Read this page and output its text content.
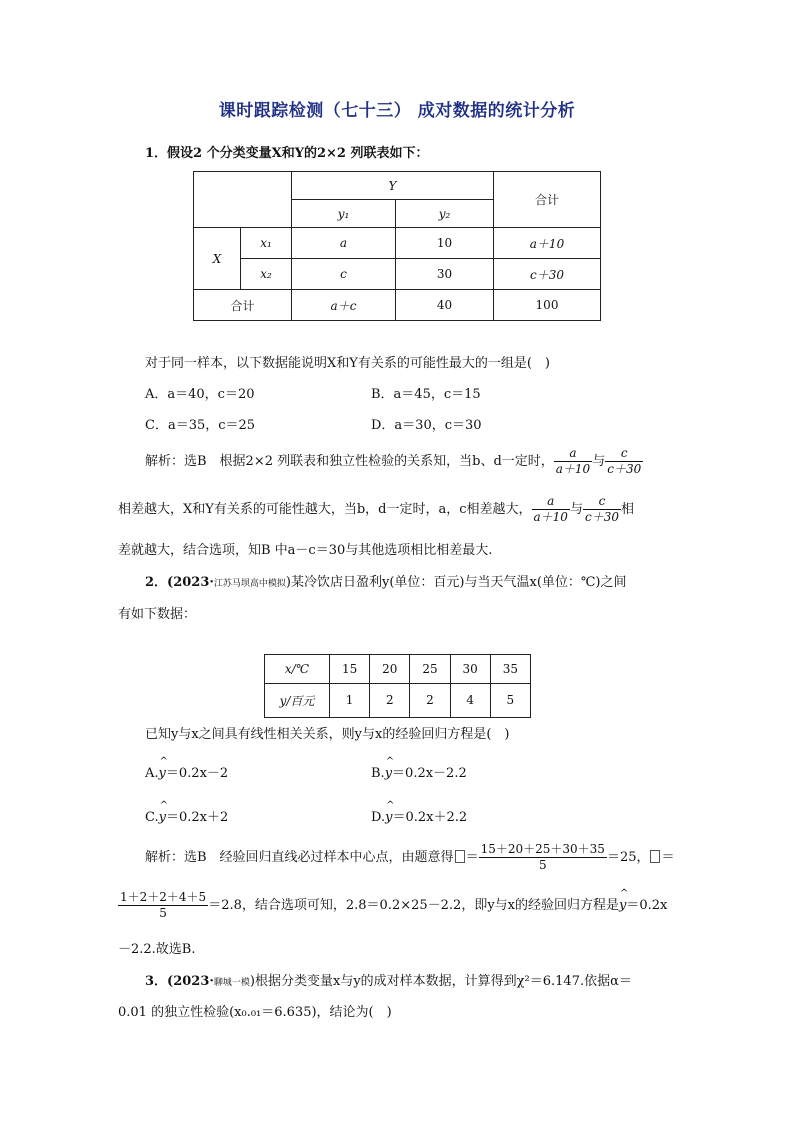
课时跟踪检测（七十三） 成对数据的统计分析
1．假设2 个分类变量X和Y的2×2 列联表如下：
		Y		合计
		y₁	y₂	
X	x₁	a	10	a＋10
	x₂	c	30	c＋30
合计		a＋c	40	100
对于同一样本，以下数据能说明X和Y有关系的可能性最大的一组是(　)
A．a＝40，c＝20	B．a＝45，c＝15
C．a＝35，c＝25	D．a＝30，c＝30
解析：选B　根据2×2 列联表和独立性检验的关系知，当b、d一定时， $\frac{a}{a+10}$ 与 $\frac{c}{c+30}$
相差越大，X和Y有关系的可能性越大，当b，d一定时，a，c相差越大， $\frac{a}{a+10}$ 与 $\frac{c}{c+30}$ 相
差就越大，结合选项，知B 中a－c＝30与其他选项相比相差最大.
2．(2023·江苏马坝高中模拟)某冷饮店日盈利y(单位：百元)与当天气温x(单位：℃)之间
有如下数据：
x/℃	15	20	25	30	35
y/百元	1	2	2	4	5
已知y与x之间具有线性相关关系，则y与x的经验回归方程是(　)
A.^ y＝0.2x－2	B.^ y＝0.2x－2.2
C.^ y＝0.2x＋2	D.^ y＝0.2x＋2.2
解析：选B　经验回归直线必过样本中心点，由题意得 ＝ $\frac{15+20+25+30+35}{5} =25$， ＝
$\frac{1+2+2+4+5}{5} =2.8$，结合选项可知，2.8＝0.2×25－2.2，即y与x的经验回归方程是^ y＝0.2x
－2.2.故选B.
3．(2023·聊城一模)根据分类变量x与y的成对样本数据，计算得到χ²＝6.147.依据α＝
0.01 的独立性检验(x₀.₀₁＝6.635)，结论为(　)
